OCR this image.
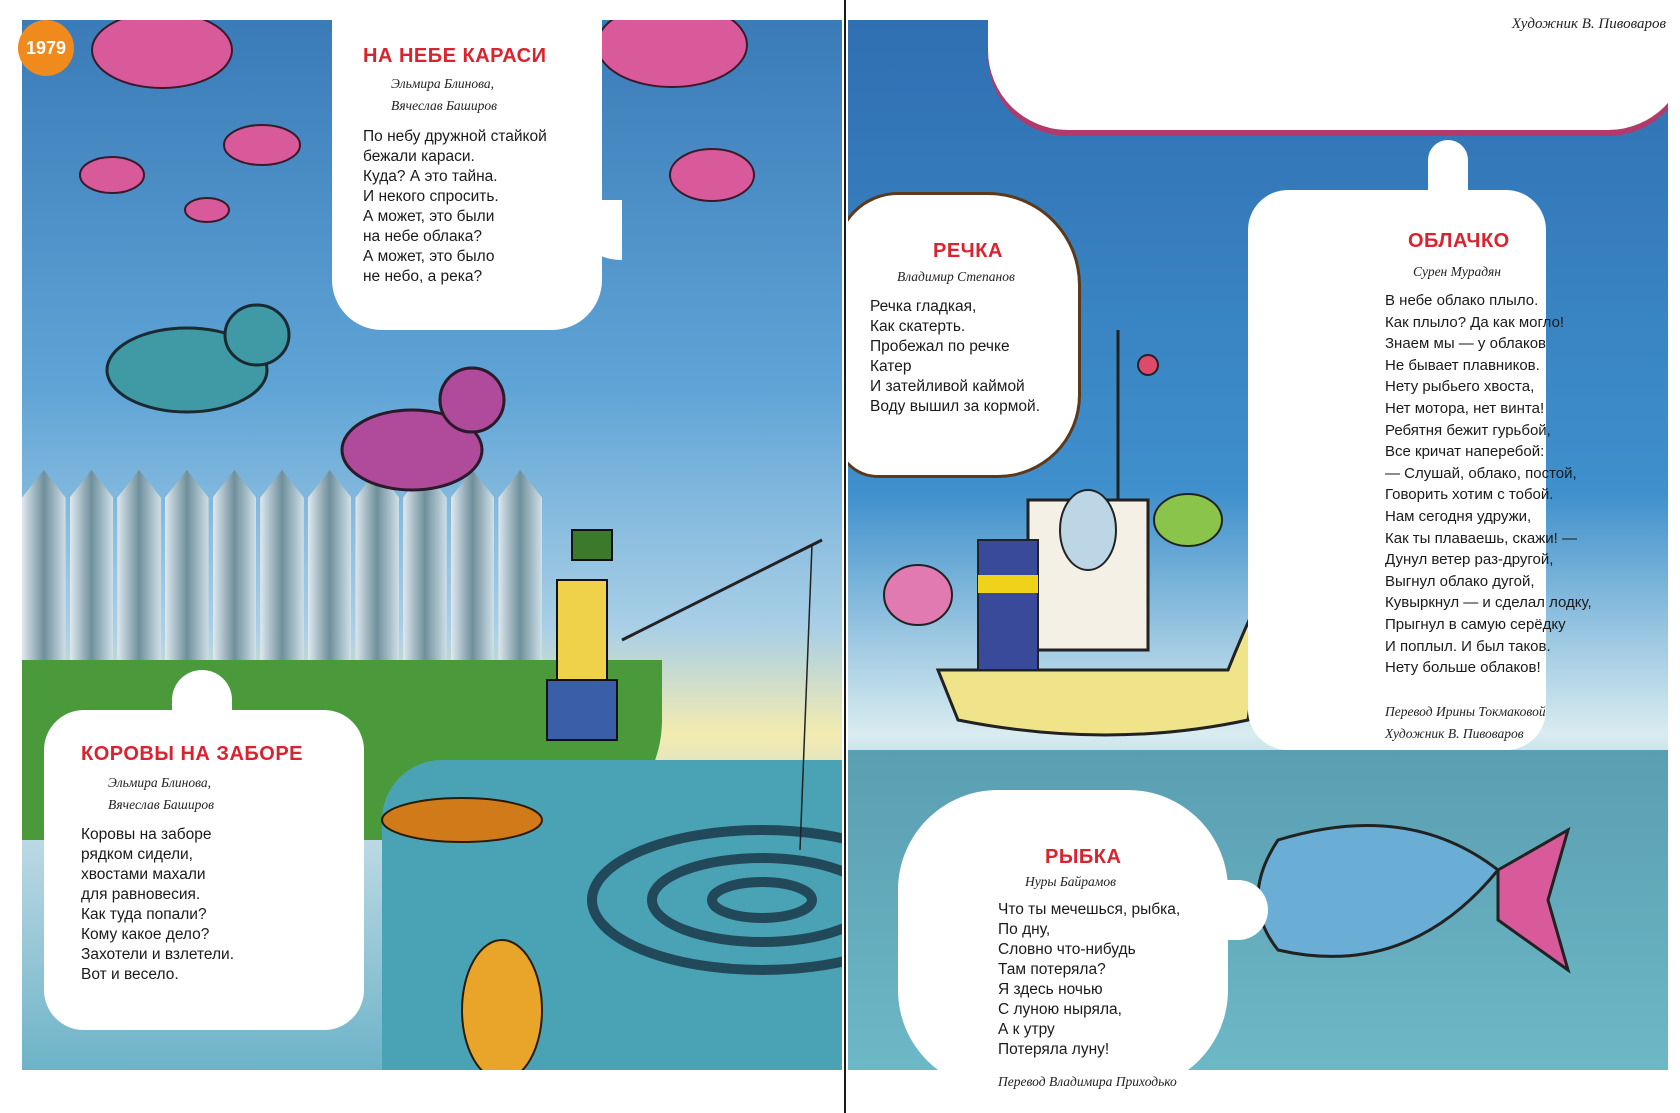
1979
Художник В. Пивоваров
НА НЕБЕ КАРАСИ
Эльмира Блинова,
Вячеслав Баширов
По небу дружной стайкой
бежали караси.
Куда? А это тайна.
И некого спросить.
А может, это были
на небе облака?
А может, это было
не небо, а река?
КОРОВЫ НА ЗАБОРЕ
Эльмира Блинова,
Вячеслав Баширов
Коровы на заборе
рядком сидели,
хвостами махали
для равновесия.
Как туда попали?
Кому какое дело?
Захотели и взлетели.
Вот и весело.
РЕЧКА
Владимир Степанов
Речка гладкая,
Как скатерть.
Пробежал по речке
Катер
И затейливой каймой
Воду вышил за кормой.
ОБЛАЧКО
Сурен Мурадян
В небе облако плыло.
Как плыло? Да как могло!
Знаем мы — у облаков
Не бывает плавников.
Нету рыбьего хвоста,
Нет мотора, нет винта!
Ребятня бежит гурьбой,
Все кричат наперебой:
— Слушай, облако, постой,
Говорить хотим с тобой.
Нам сегодня удружи,
Как ты плаваешь, скажи! —
Дунул ветер раз-другой,
Выгнул облако дугой,
Кувыркнул — и сделал лодку,
Прыгнул в самую серёдку
И поплыл. И был таков.
Нету больше облаков!
Перевод Ирины Токмаковой
Художник В. Пивоваров
РЫБКА
Нуры Байрамов
Что ты мечешься, рыбка,
По дну,
Словно что-нибудь
Там потеряла?
Я здесь ночью
С луною ныряла,
А к утру
Потеряла луну!
Перевод Владимира Приходько
